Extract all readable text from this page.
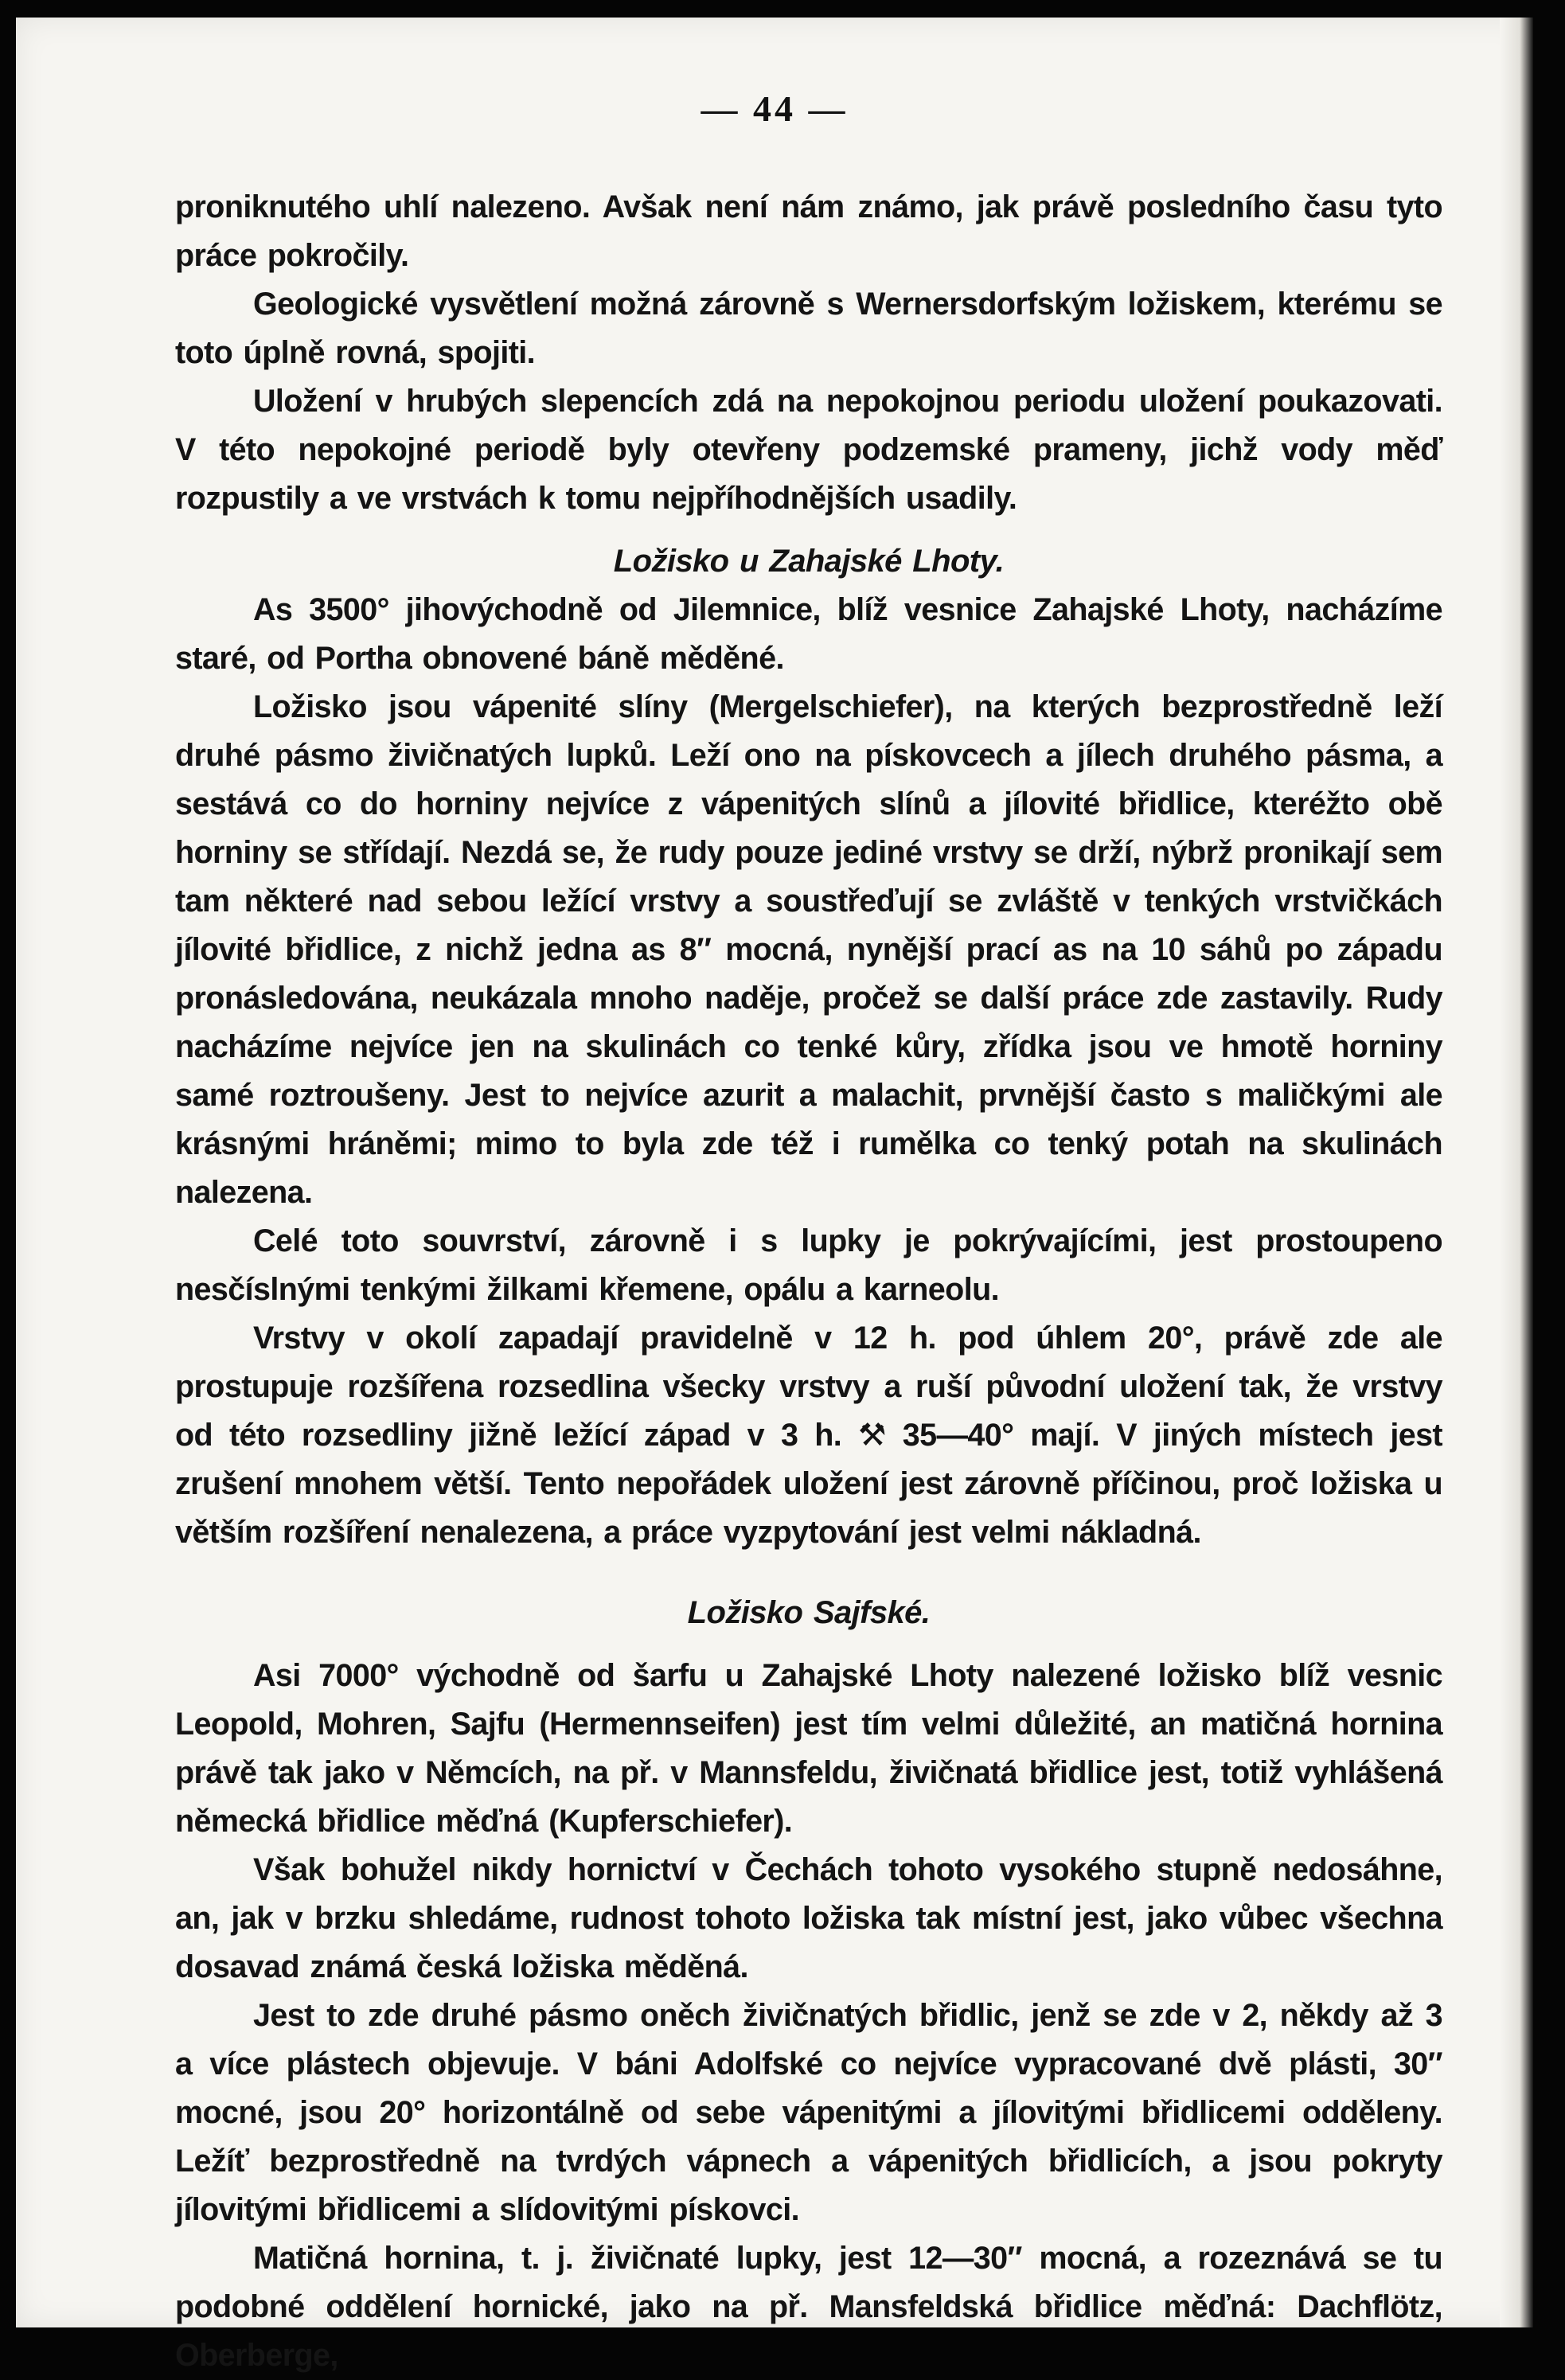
— 44 —

proniknutého uhlí nalezeno. Avšak není nám známo, jak právě posledního času tyto práce pokročily.

Geologické vysvětlení možná zárovně s Wernersdorfským ložiskem, kterému se toto úplně rovná, spojiti.

Uložení v hrubých slepencích zdá na nepokojnou periodu uložení poukazovati. V této nepokojné periodě byly otevřeny podzemské prameny, jichž vody měď rozpustily a ve vrstvách k tomu nejpříhodnějších usadily.

Ložisko u Zahajské Lhoty.

As 3500° jihovýchodně od Jilemnice, blíž vesnice Zahajské Lhoty, nacházíme staré, od Portha obnovené báně měděné.

Ložisko jsou vápenité slíny (Mergelschiefer), na kterých bezprostředně leží druhé pásmo živičnatých lupků. Leží ono na pískovcech a jílech druhého pásma, a sestává co do horniny nejvíce z vápenitých slínů a jílovité břidlice, kteréžto obě horniny se střídají. Nezdá se, že rudy pouze jediné vrstvy se drží, nýbrž pronikají sem tam některé nad sebou ležící vrstvy a soustřeďují se zvláště v tenkých vrstvičkách jílovité břidlice, z nichž jedna as 8″ mocná, nynější prací as na 10 sáhů po západu pronásledována, neukázala mnoho naděje, pročež se další práce zde zastavily. Rudy nacházíme nejvíce jen na skulinách co tenké kůry, zřídka jsou ve hmotě horniny samé roztroušeny. Jest to nejvíce azurit a malachit, prvnější často s maličkými ale krásnými hráněmi; mimo to byla zde též i rumělka co tenký potah na skulinách nalezena.

Celé toto souvrství, zárovně i s lupky je pokrývajícími, jest prostoupeno nesčíslnými tenkými žilkami křemene, opálu a karneolu.

Vrstvy v okolí zapadají pravidelně v 12 h. pod úhlem 20°, právě zde ale prostupuje rozšířena rozsedlina všecky vrstvy a ruší původní uložení tak, že vrstvy od této rozsedliny jižně ležící západ v 3 h. ⚒ 35—40° mají. V jiných místech jest zrušení mnohem větší. Tento nepořádek uložení jest zárovně příčinou, proč ložiska u větším rozšíření nenalezena, a práce vyzpytování jest velmi nákladná.

Ložisko Sajfské.

Asi 7000° východně od šarfu u Zahajské Lhoty nalezené ložisko blíž vesnic Leopold, Mohren, Sajfu (Hermennseifen) jest tím velmi důležité, an matičná hornina právě tak jako v Němcích, na př. v Mannsfeldu, živičnatá břidlice jest, totiž vyhlášená německá břidlice měďná (Kupferschiefer).

Však bohužel nikdy hornictví v Čechách tohoto vysokého stupně nedosáhne, an, jak v brzku shledáme, rudnost tohoto ložiska tak místní jest, jako vůbec všechna dosavad známá česká ložiska měděná.

Jest to zde druhé pásmo oněch živičnatých břidlic, jenž se zde v 2, někdy až 3 a více plástech objevuje. V báni Adolfské co nejvíce vypracované dvě plásti, 30″ mocné, jsou 20° horizontálně od sebe vápenitými a jílovitými břidlicemi odděleny. Ležíť bezprostředně na tvrdých vápnech a vápenitých břidlicích, a jsou pokryty jílovitými břidlicemi a slídovitými pískovci.

Matičná hornina, t. j. živičnaté lupky, jest 12—30″ mocná, a rozeznává se tu podobné oddělení hornické, jako na př. Mansfeldská břidlice měďná: Dachflötz, Oberberge,
